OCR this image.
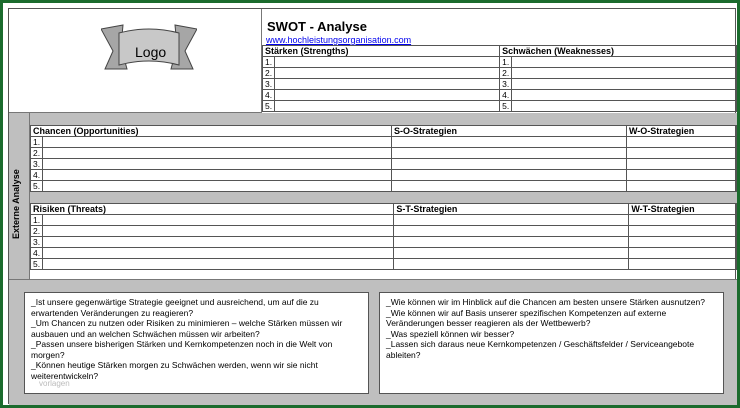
Logo
SWOT - Analyse
www.hochleistungsorganisation.com
Stärken (Strengths)		Schwächen (Weaknesses)	
1.		1.	
2.		2.	
3.		3.	
4.		4.	
5.		5.	
Externe Analyse
Chancen (Opportunities)		S-O-Strategien	W-O-Strategien
1.			
2.			
3.			
4.			
5.			
Risiken (Threats)		S-T-Strategien	W-T-Strategien
1.			
2.			
3.			
4.			
5.			
_Ist unsere gegenwärtige Strategie geeignet und ausreichend, um auf die zu erwartenden Veränderungen zu reagieren?
_Um Chancen zu nutzen oder Risiken zu minimieren – welche Stärken müssen wir ausbauen und an welchen Schwächen müssen wir arbeiten?
_Passen unsere bisherigen Stärken und Kernkompetenzen noch in die Welt von morgen?
_Können heutige Stärken morgen zu Schwächen werden, wenn wir sie nicht weiterentwickeln?
_Wie können wir im Hinblick auf die Chancen am besten unsere Stärken ausnutzen?
_Wie können wir auf Basis unserer spezifischen Kompetenzen auf externe Veränderungen besser reagieren als der Wettbewerb?
_Was speziell können wir besser?
_Lassen sich daraus neue Kernkompetenzen / Geschäftsfelder / Serviceangebote ableiten?
vorlagen
